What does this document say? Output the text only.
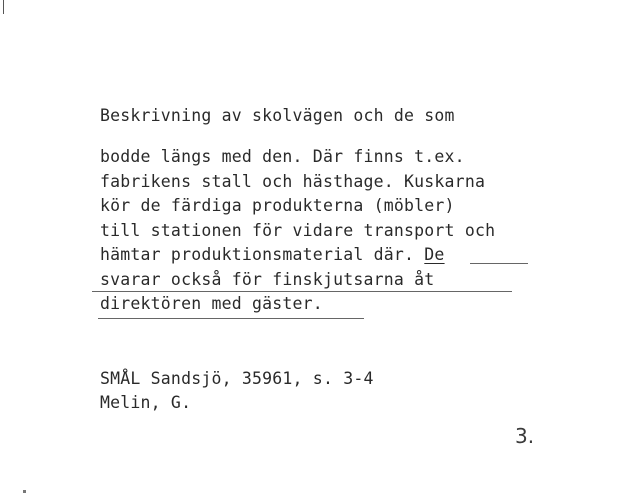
Beskrivning av skolvägen och de som
bodde längs med den. Där finns t.ex.
fabrikens stall och hästhage. Kuskarna
kör de färdiga produkterna (möbler)
till stationen för vidare transport och
hämtar produktionsmaterial där. De
svarar också för finskjutsarna åt
direktören med gäster.
SMÅL Sandsjö, 35961, s. 3-4
Melin, G.
3.
